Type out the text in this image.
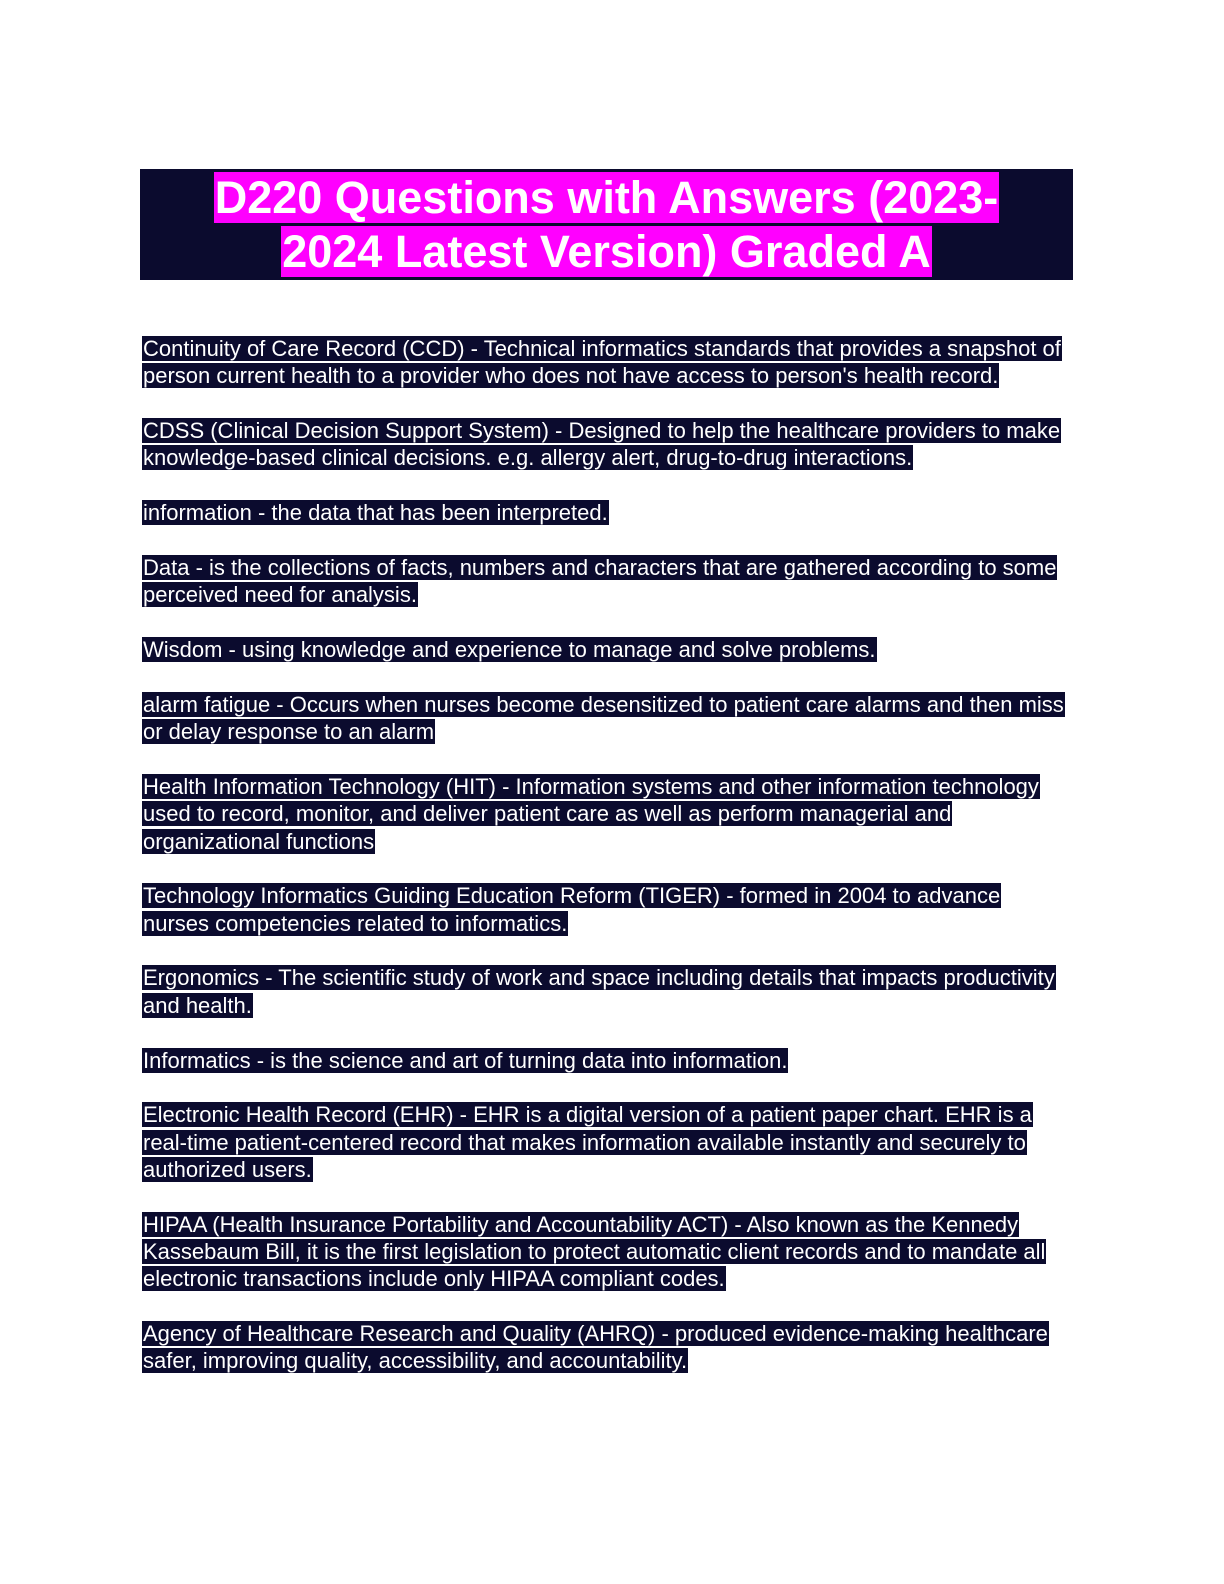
D220 Questions with Answers (2023-
2024 Latest Version) Graded A

Continuity of Care Record (CCD) - Technical informatics standards that provides a snapshot of person current health to a provider who does not have access to person's health record.

CDSS (Clinical Decision Support System) - Designed to help the healthcare providers to make knowledge-based clinical decisions. e.g. allergy alert, drug-to-drug interactions.

information - the data that has been interpreted.

Data - is the collections of facts, numbers and characters that are gathered according to some perceived need for analysis.

Wisdom - using knowledge and experience to manage and solve problems.

alarm fatigue - Occurs when nurses become desensitized to patient care alarms and then miss or delay response to an alarm

Health Information Technology (HIT) - Information systems and other information technology used to record, monitor, and deliver patient care as well as perform managerial and organizational functions

Technology Informatics Guiding Education Reform (TIGER) - formed in 2004 to advance nurses competencies related to informatics.

Ergonomics - The scientific study of work and space including details that impacts productivity and health.

Informatics - is the science and art of turning data into information.

Electronic Health Record (EHR) - EHR is a digital version of a patient paper chart. EHR is a real-time patient-centered record that makes information available instantly and securely to authorized users.

HIPAA (Health Insurance Portability and Accountability ACT) - Also known as the Kennedy Kassebaum Bill, it is the first legislation to protect automatic client records and to mandate all electronic transactions include only HIPAA compliant codes.

Agency of Healthcare Research and Quality (AHRQ) - produced evidence-making healthcare safer, improving quality, accessibility, and accountability.
